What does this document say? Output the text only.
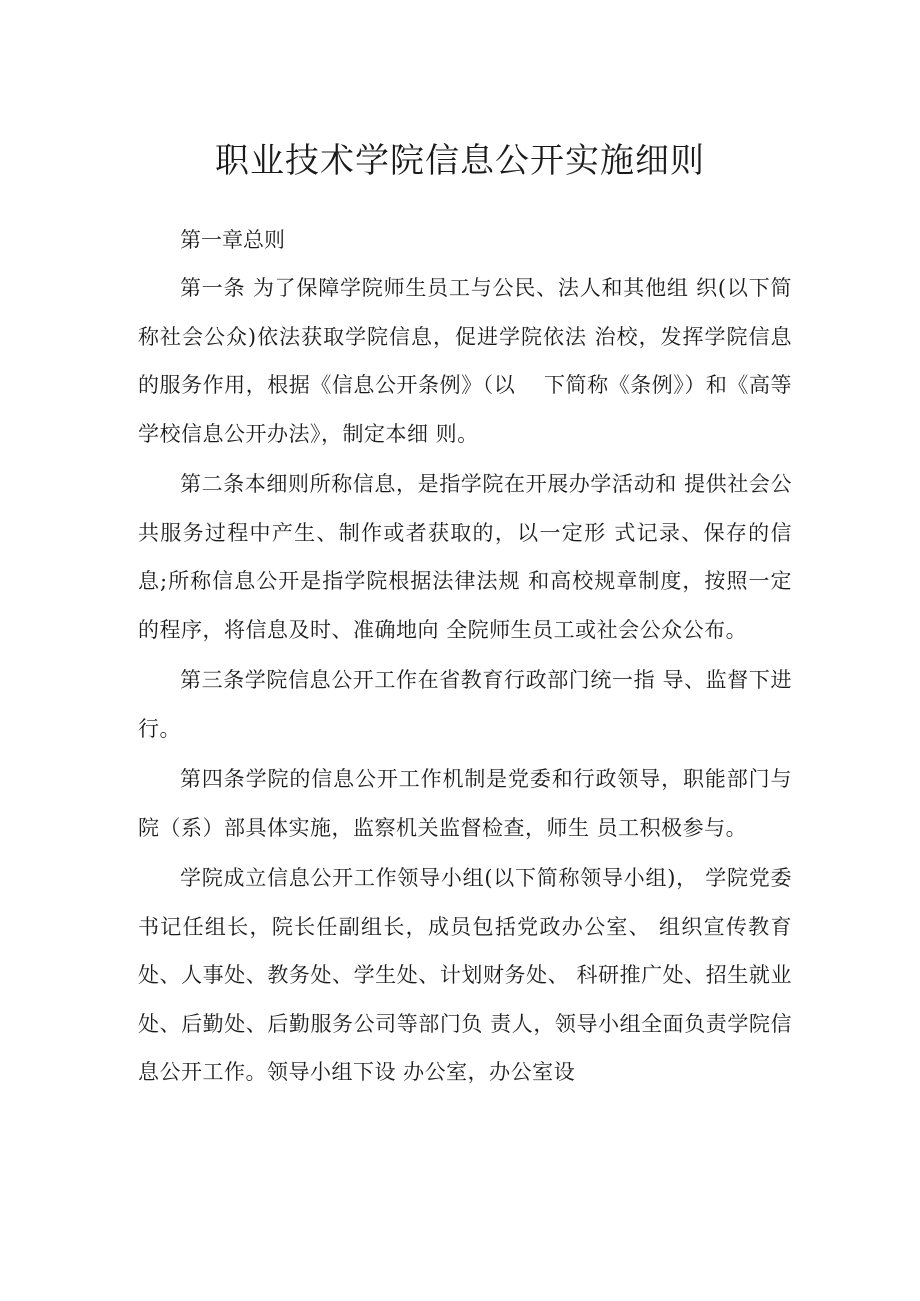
职业技术学院信息公开实施细则

第一章总则

第一条 为了保障学院师生员工与公民、法人和其他组 织(以下简称社会公众)依法获取学院信息，促进学院依法 治校，发挥学院信息的服务作用，根据《信息公开条例》（以　 下简称《条例》）和《高等学校信息公开办法》，制定本细 则。

第二条本细则所称信息，是指学院在开展办学活动和 提供社会公共服务过程中产生、制作或者获取的，以一定形 式记录、保存的信息;所称信息公开是指学院根据法律法规 和高校规章制度，按照一定的程序，将信息及时、准确地向 全院师生员工或社会公众公布。

第三条学院信息公开工作在省教育行政部门统一指 导、监督下进行。

第四条学院的信息公开工作机制是党委和行政领导，职能部门与院（系）部具体实施，监察机关监督检查，师生 员工积极参与。

学院成立信息公开工作领导小组(以下简称领导小组)， 学院党委书记任组长，院长任副组长，成员包括党政办公室、 组织宣传教育处、人事处、教务处、学生处、计划财务处、 科研推广处、招生就业处、后勤处、后勤服务公司等部门负 责人，领导小组全面负责学院信息公开工作。领导小组下设 办公室，办公室设
